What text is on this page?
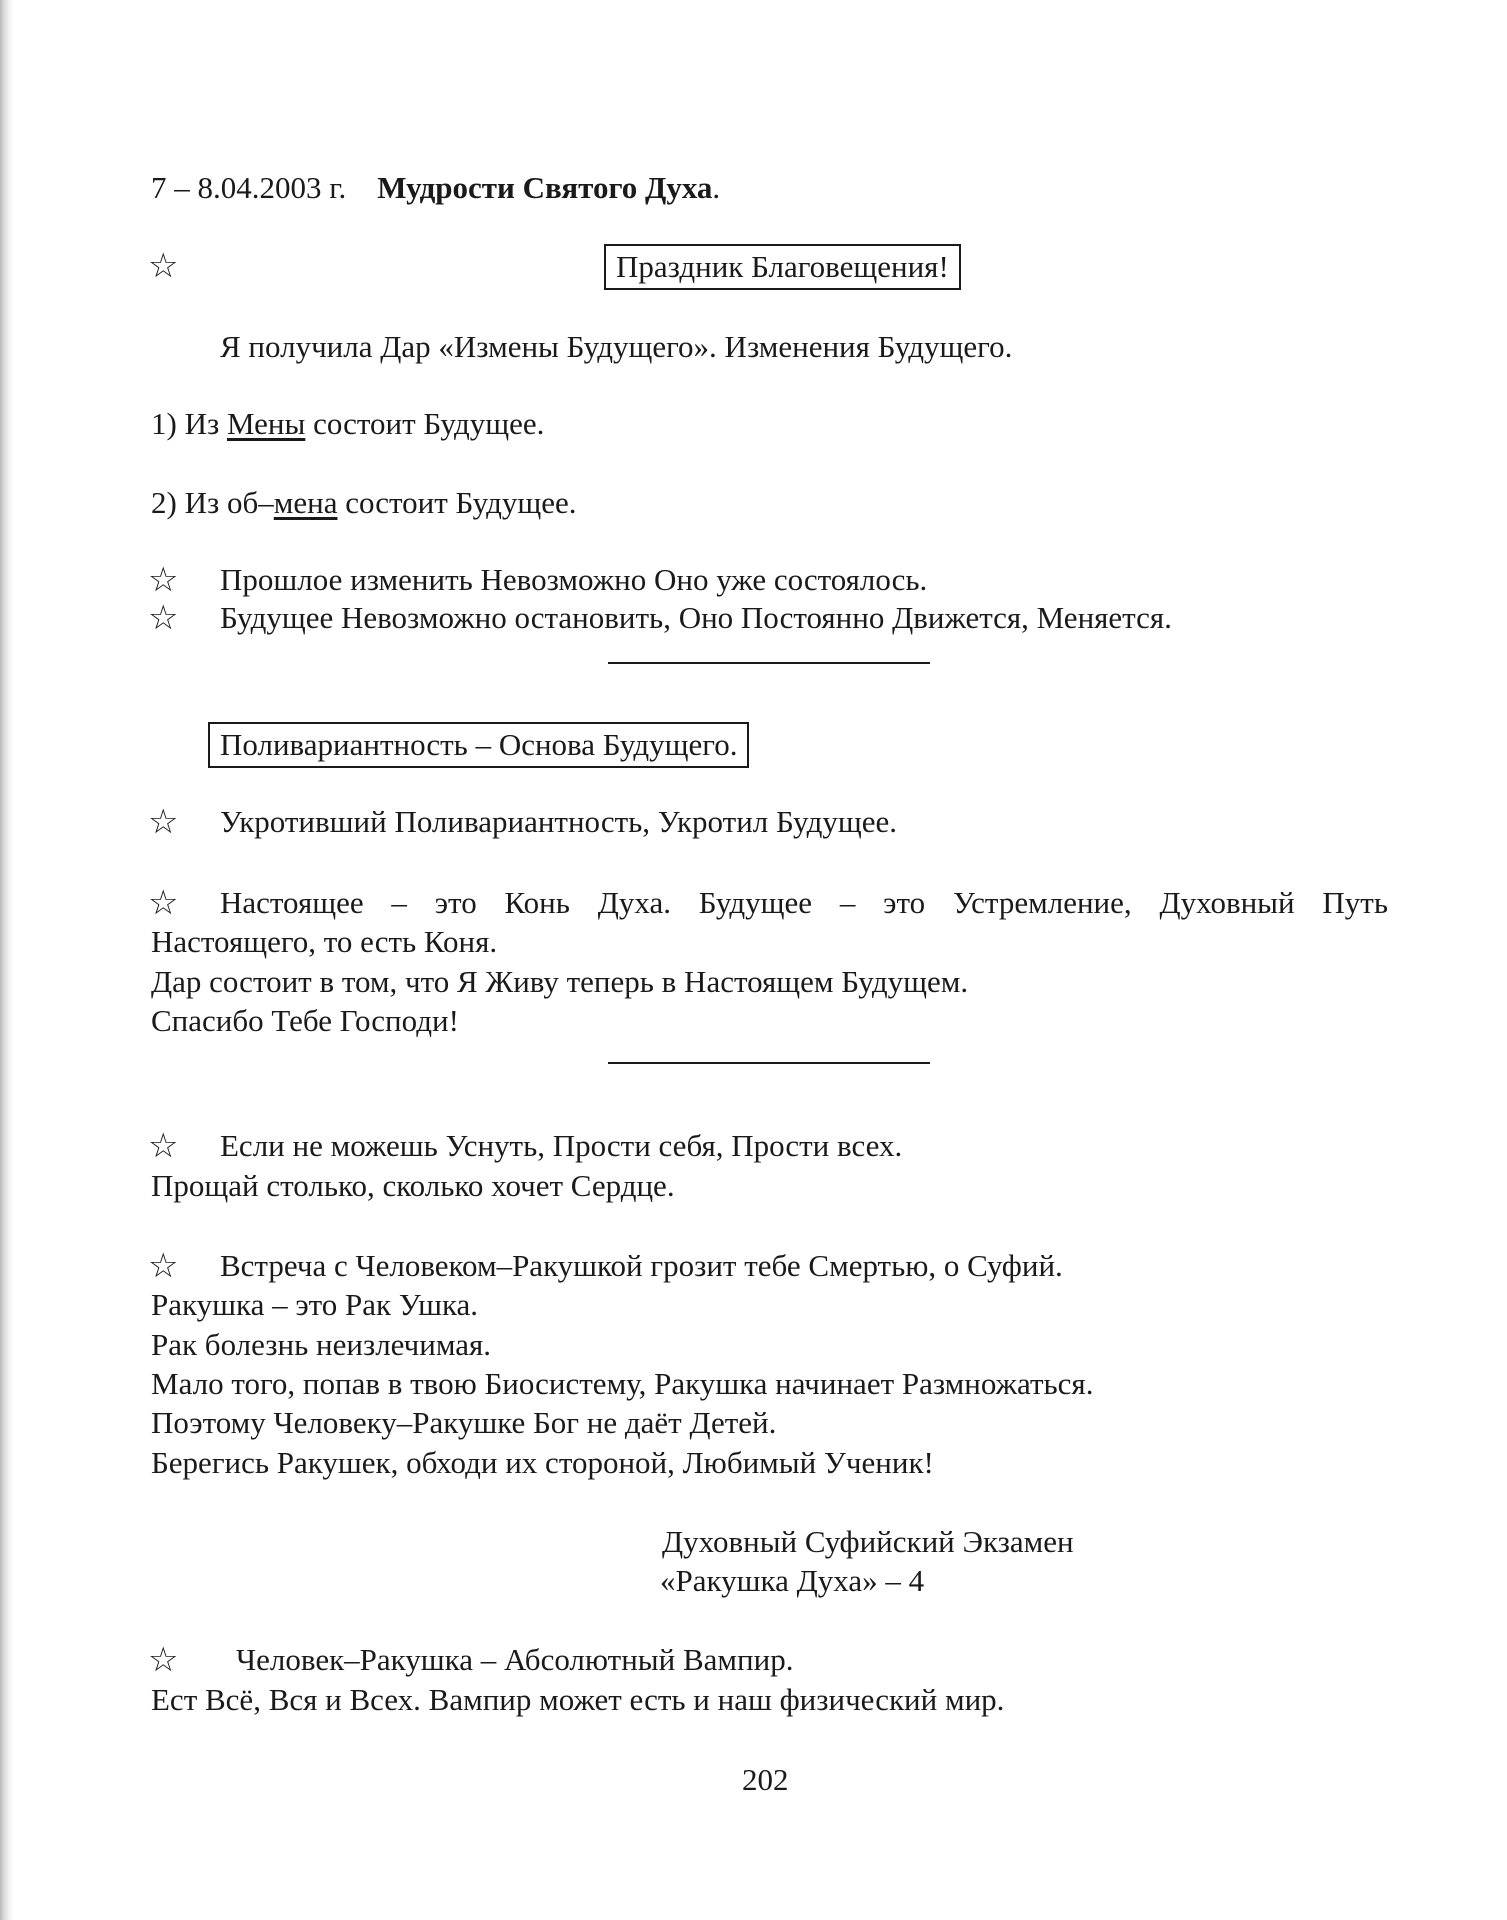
7 – 8.04.2003 г. Мудрости Святого Духа.
☆	Праздник Благовещения!
Я получила Дар «Измены Будущего». Изменения Будущего.
1) Из Мены состоит Будущее.
2) Из об–мена состоит Будущее.
☆ Прошлое изменить Невозможно Оно уже состоялось.
☆ Будущее Невозможно остановить, Оно Постоянно Движется, Меняется.
Поливариантность – Основа Будущего.
☆ Укротивший Поливариантность, Укротил Будущее.
☆ Настоящее – это Конь Духа. Будущее – это Устремление, Духовный Путь
Настоящего, то есть Коня.
Дар состоит в том, что Я Живу теперь в Настоящем Будущем.
Спасибо Тебе Господи!
☆ Если не можешь Уснуть, Прости себя, Прости всех.
Прощай столько, сколько хочет Сердце.
☆ Встреча с Человеком–Ракушкой грозит тебе Смертью, о Суфий.
Ракушка – это Рак Ушка.
Рак болезнь неизлечимая.
Мало того, попав в твою Биосистему, Ракушка начинает Размножаться.
Поэтому Человеку–Ракушке Бог не даёт Детей.
Берегись Ракушек, обходи их стороной, Любимый Ученик!
Духовный Суфийский Экзамен
«Ракушка Духа» – 4
☆ Человек–Ракушка – Абсолютный Вампир.
Ест Всё, Вся и Всех. Вампир может есть и наш физический мир.
202
